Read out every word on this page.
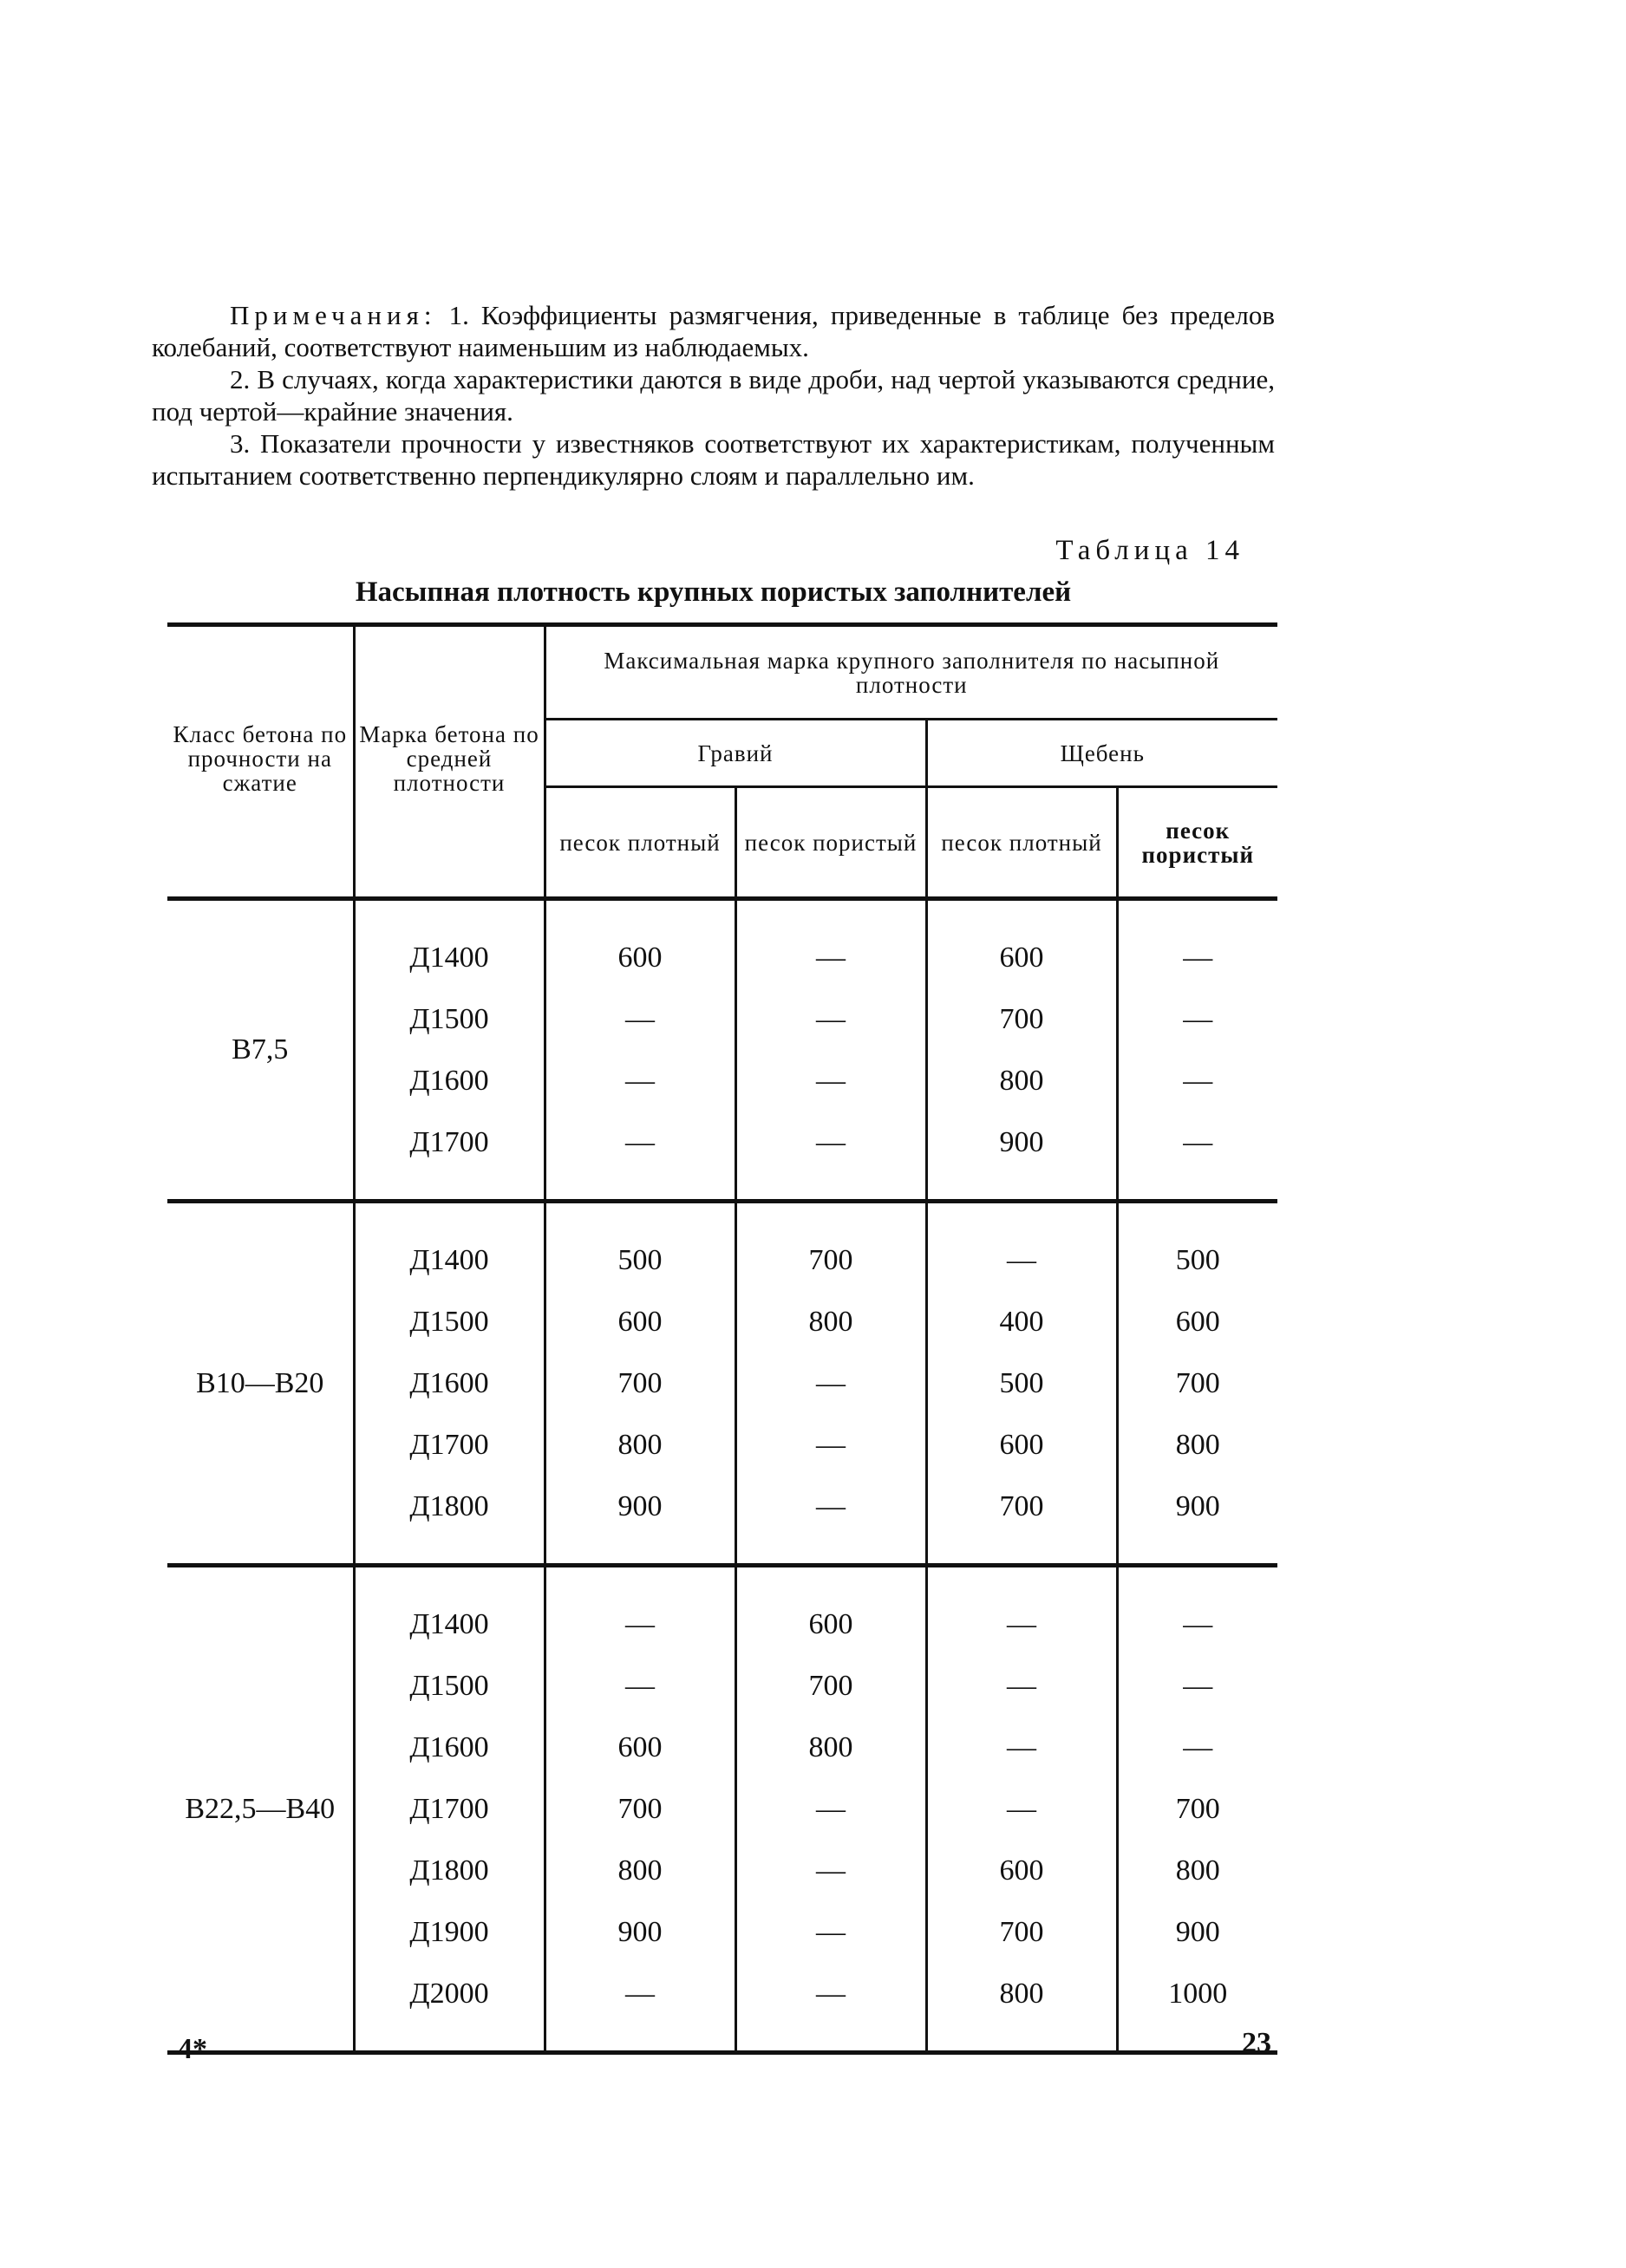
Примечания: 1. Коэффициенты размягчения, приведенные в таблице без пределов колебаний, соответствуют наименьшим из наблюдаемых.

2. В случаях, когда характеристики даются в виде дроби, над чертой указываются средние, под чертой—крайние значения.

3. Показатели прочности у известняков соответствуют их характеристикам, полученным испытанием соответственно перпендикулярно слоям и параллельно им.

Таблица 14
Насыпная плотность крупных пористых заполнителей
Класс бетона по прочности на сжатие	Марка бетона по средней плотности	Максимальная марка крупного заполнителя по насыпной плотности			
		Гравий		Щебень	
		песок плотный	песок пористый	песок плотный	песок пористый

В7,5	Д1400	600	—	600	—
	Д1500	—	—	700	—
	Д1600	—	—	800	—
	Д1700	—	—	900	—

В10—В20	Д1400	500	700	—	500
	Д1500	600	800	400	600
	Д1600	700	—	500	700
	Д1700	800	—	600	800
	Д1800	900	—	700	900

В22,5—В40	Д1400	—	600	—	—
	Д1500	—	700	—	—
	Д1600	600	800	—	—
	Д1700	700	—	—	700
	Д1800	800	—	600	800
	Д1900	900	—	700	900
	Д2000	—	—	800	1000

4*	23
